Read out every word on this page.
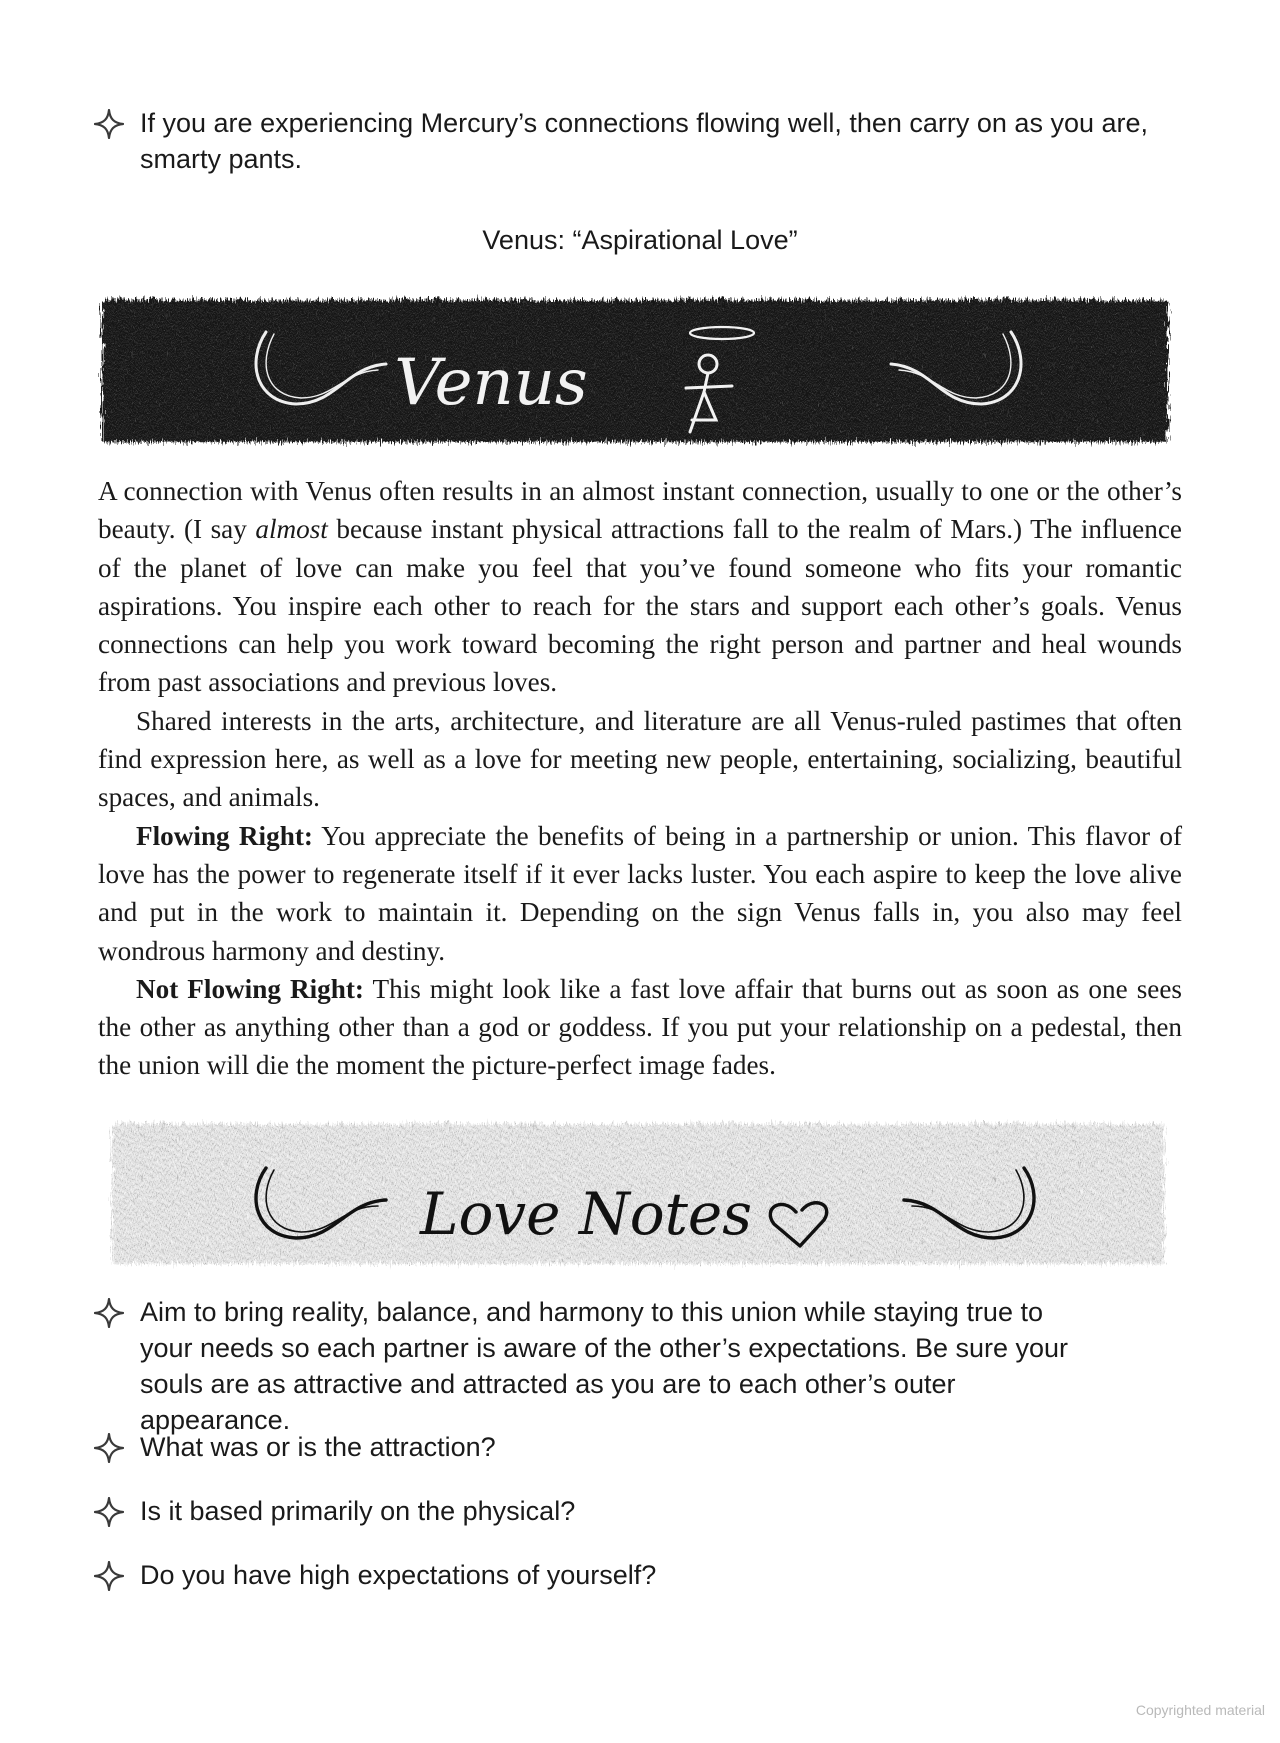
If you are experiencing Mercury’s connections flowing well, then carry on as you are, smarty pants.
Venus: “Aspirational Love”
Venus

A connection with Venus often results in an almost instant connection, usually to one or the other’s beauty. (I say almost because instant physical attractions fall to the realm of Mars.) The influence of the planet of love can make you feel that you’ve found someone who fits your romantic aspirations. You inspire each other to reach for the stars and support each other’s goals. Venus connections can help you work toward becoming the right person and partner and heal wounds from past associations and previous loves.

Shared interests in the arts, architecture, and literature are all Venus-ruled pastimes that often find expression here, as well as a love for meeting new people, entertaining, socializing, beautiful spaces, and animals.

Flowing Right: You appreciate the benefits of being in a partnership or union. This flavor of love has the power to regenerate itself if it ever lacks luster. You each aspire to keep the love alive and put in the work to maintain it. Depending on the sign Venus falls in, you also may feel wondrous harmony and destiny.

Not Flowing Right: This might look like a fast love affair that burns out as soon as one sees the other as anything other than a god or goddess. If you put your relationship on a pedestal, then the union will die the moment the picture-perfect image fades.

Love Notes
Aim to bring reality, balance, and harmony to this union while staying true to your needs so each partner is aware of the other’s expectations. Be sure your souls are as attractive and attracted as you are to each other’s outer appearance.
What was or is the attraction?
Is it based primarily on the physical?
Do you have high expectations of yourself?
Copyrighted material
